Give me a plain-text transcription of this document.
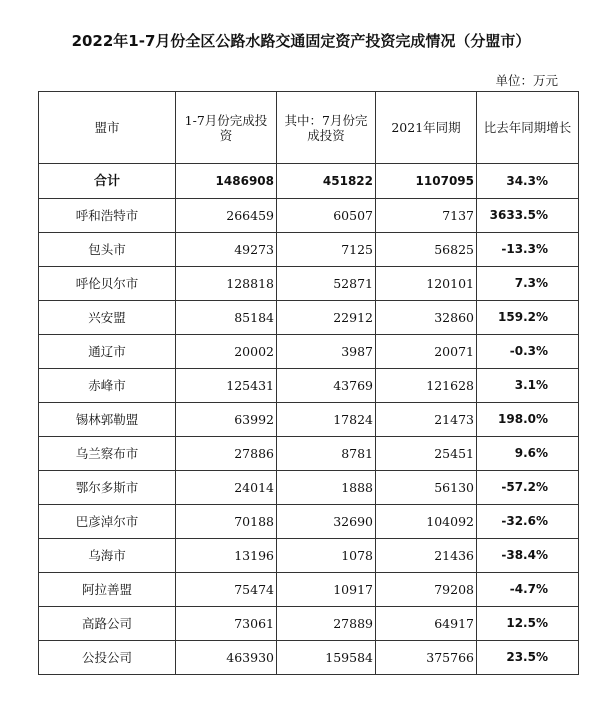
2022年1-7月份全区公路水路交通固定资产投资完成情况（分盟市）
单位：万元
盟市	1-7月份完成投资	其中：7月份完成投资	2021年同期	比去年同期增长
合计	1486908	451822	1107095	34.3%
呼和浩特市	266459	60507	7137	3633.5%
包头市	49273	7125	56825	-13.3%
呼伦贝尔市	128818	52871	120101	7.3%
兴安盟	85184	22912	32860	159.2%
通辽市	20002	3987	20071	-0.3%
赤峰市	125431	43769	121628	3.1%
锡林郭勒盟	63992	17824	21473	198.0%
乌兰察布市	27886	8781	25451	9.6%
鄂尔多斯市	24014	1888	56130	-57.2%
巴彦淖尔市	70188	32690	104092	-32.6%
乌海市	13196	1078	21436	-38.4%
阿拉善盟	75474	10917	79208	-4.7%
高路公司	73061	27889	64917	12.5%
公投公司	463930	159584	375766	23.5%
